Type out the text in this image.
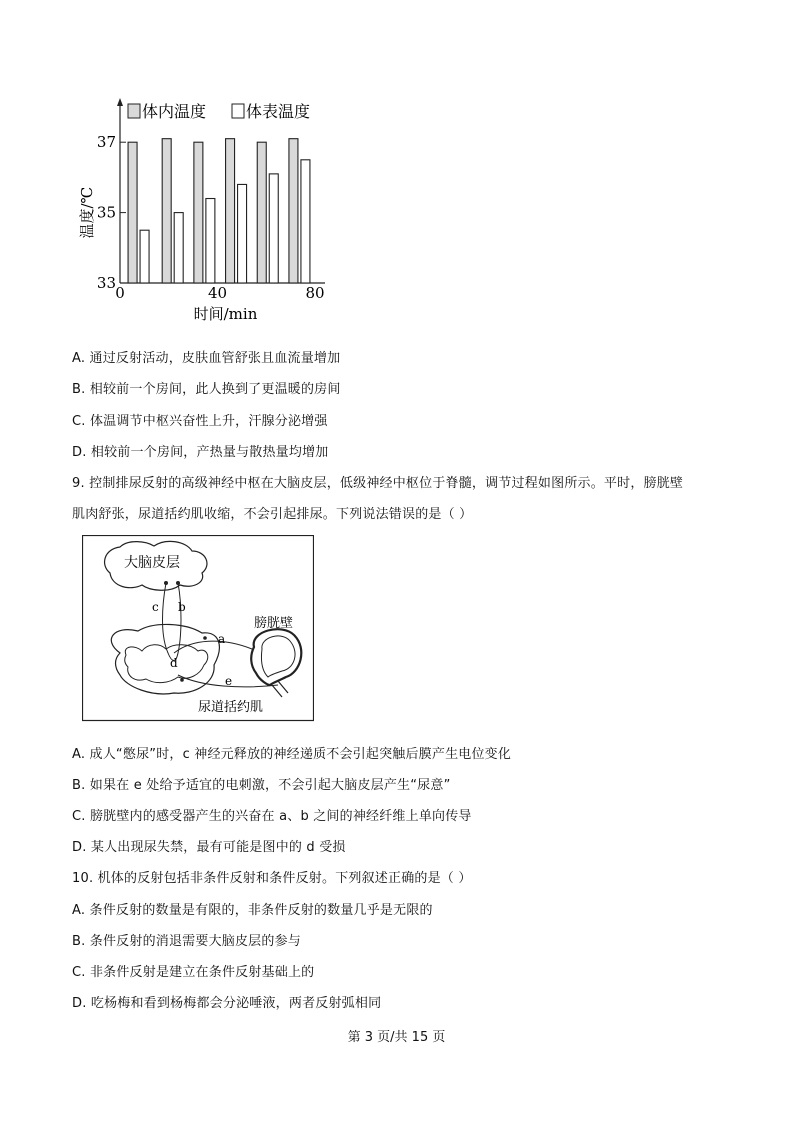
体内温度 体表温度
33
35
37
0	40	80
时间/min
温度/℃
A. 通过反射活动，皮肤血管舒张且血流量增加
B. 相较前一个房间，此人换到了更温暖的房间
C. 体温调节中枢兴奋性上升，汗腺分泌增强
D. 相较前一个房间，产热量与散热量均增加
9. 控制排尿反射的高级神经中枢在大脑皮层，低级神经中枢位于脊髓，调节过程如图所示。平时，膀胱壁
肌肉舒张，尿道括约肌收缩，不会引起排尿。下列说法错误的是（ ）
大脑皮层
c b
a
d
e
膀胱壁
尿道括约肌
A. 成人“憋尿”时，c 神经元释放的神经递质不会引起突触后膜产生电位变化
B. 如果在 e 处给予适宜的电刺激，不会引起大脑皮层产生“尿意”
C. 膀胱壁内的感受器产生的兴奋在 a、b 之间的神经纤维上单向传导
D. 某人出现尿失禁，最有可能是图中的 d 受损
10. 机体的反射包括非条件反射和条件反射。下列叙述正确的是（ ）
A. 条件反射的数量是有限的，非条件反射的数量几乎是无限的
B. 条件反射的消退需要大脑皮层的参与
C. 非条件反射是建立在条件反射基础上的
D. 吃杨梅和看到杨梅都会分泌唾液，两者反射弧相同
第 3 页/共 15 页
